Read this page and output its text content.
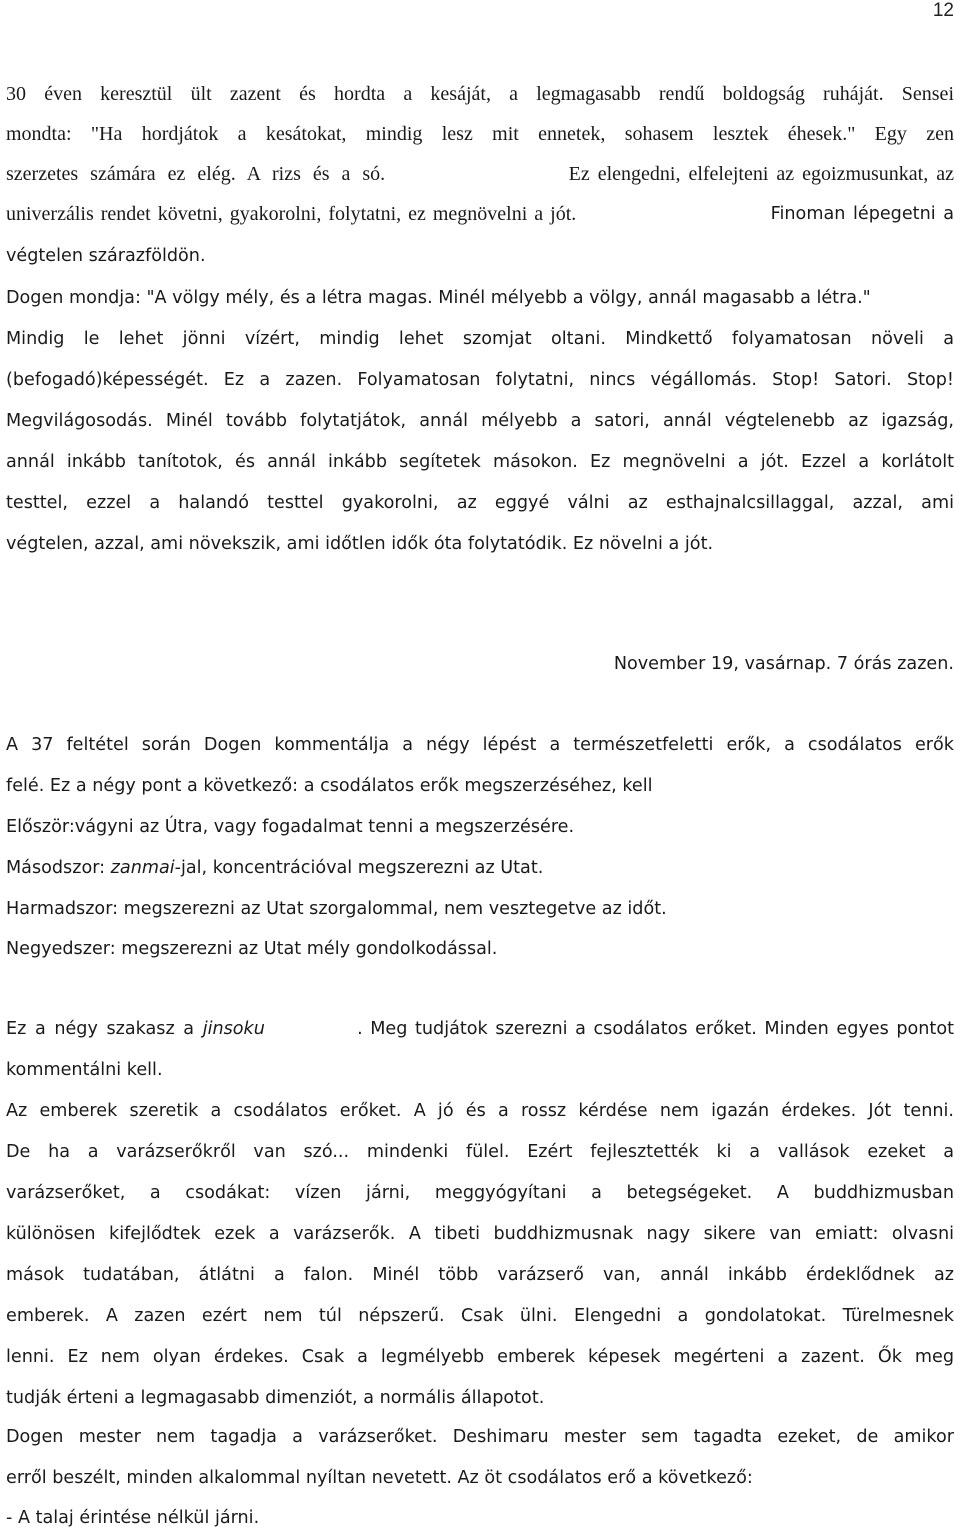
12
30 éven keresztül ült zazent és hordta a kesáját, a legmagasabb rendű boldogság ruháját. Sensei
mondta: "Ha hordjátok a kesátokat, mindig lesz mit ennetek, sohasem lesztek éhesek." Egy zen
szerzetes számára ez elég. A rizs és a só.	Ez elengedni, elfelejteni az egoizmusunkat, az
univerzális rendet követni, gyakorolni, folytatni, ez megnövelni a jót.	Finoman lépegetni a
végtelen szárazföldön.
Dogen mondja: "A völgy mély, és a létra magas. Minél mélyebb a völgy, annál magasabb a létra."
Mindig le lehet jönni vízért, mindig lehet szomjat oltani. Mindkettő folyamatosan növeli a
(befogadó)képességét. Ez a zazen. Folyamatosan folytatni, nincs végállomás. Stop! Satori. Stop!
Megvilágosodás. Minél tovább folytatjátok, annál mélyebb a satori, annál végtelenebb az igazság,
annál inkább tanítotok, és annál inkább segítetek másokon. Ez megnövelni a jót. Ezzel a korlátolt
testtel, ezzel a halandó testtel gyakorolni, az eggyé válni az esthajnalcsillaggal, azzal, ami
végtelen, azzal, ami növekszik, ami időtlen idők óta folytatódik. Ez növelni a jót.
November 19, vasárnap. 7 órás zazen.
A 37 feltétel során Dogen kommentálja a négy lépést a természetfeletti erők, a csodálatos erők
felé. Ez a négy pont a következő: a csodálatos erők megszerzéséhez, kell
Először:vágyni az Útra, vagy fogadalmat tenni a megszerzésére.
Másodszor: zanmai-jal, koncentrációval megszerezni az Utat.
Harmadszor: megszerezni az Utat szorgalommal, nem vesztegetve az időt.
Negyedszer: megszerezni az Utat mély gondolkodással.
Ez a négy szakasz a jinsoku	. Meg tudjátok szerezni a csodálatos erőket. Minden egyes pontot
kommentálni kell.
Az emberek szeretik a csodálatos erőket. A jó és a rossz kérdése nem igazán érdekes. Jót tenni.
De ha a varázserőkről van szó... mindenki fülel. Ezért fejlesztették ki a vallások ezeket a
varázserőket, a csodákat: vízen járni, meggyógyítani a betegségeket. A buddhizmusban
különösen kifejlődtek ezek a varázserők. A tibeti buddhizmusnak nagy sikere van emiatt: olvasni
mások tudatában, átlátni a falon. Minél több varázserő van, annál inkább érdeklődnek az
emberek. A zazen ezért nem túl népszerű. Csak ülni. Elengedni a gondolatokat. Türelmesnek
lenni. Ez nem olyan érdekes. Csak a legmélyebb emberek képesek megérteni a zazent. Ők meg
tudják érteni a legmagasabb dimenziót, a normális állapotot.
Dogen mester nem tagadja a varázserőket. Deshimaru mester sem tagadta ezeket, de amikor
erről beszélt, minden alkalommal nyíltan nevetett. Az öt csodálatos erő a következő:
- A talaj érintése nélkül járni.
